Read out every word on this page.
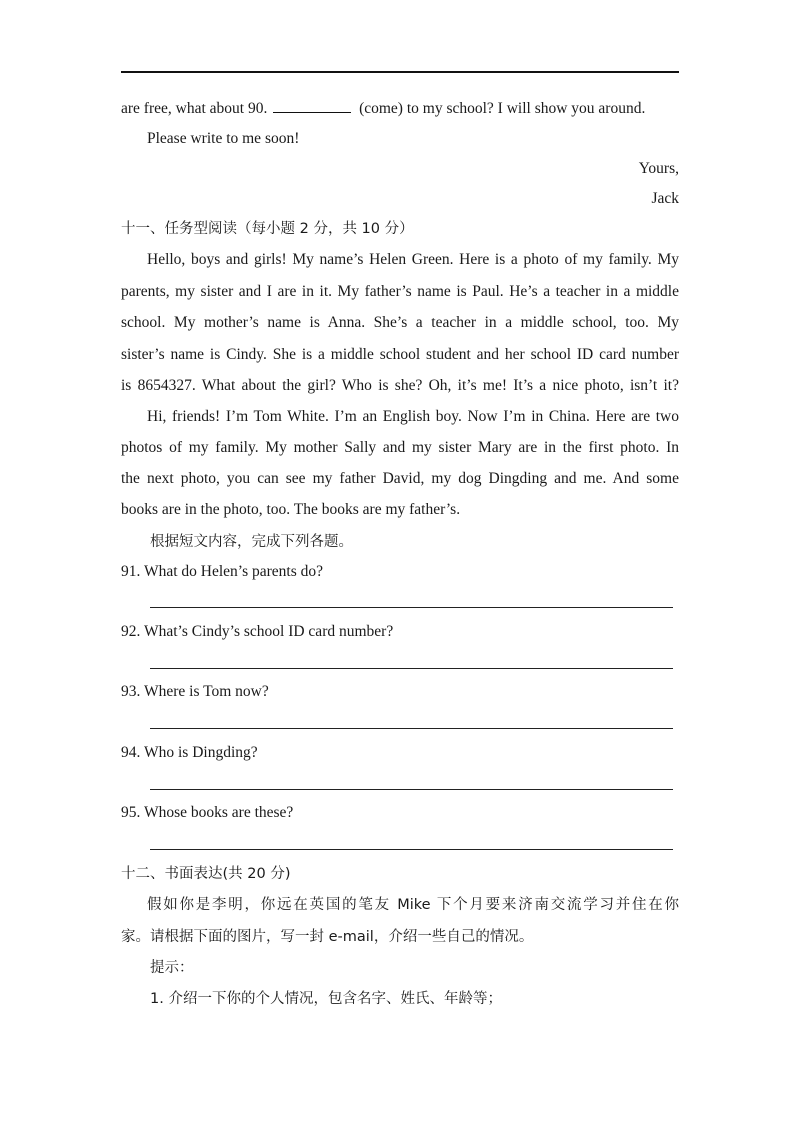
are free, what about 90.	(come) to my school? I will show you around.
Please write to me soon!
Yours,
Jack
十一、任务型阅读（每小题 2 分，共 10 分）
Hello, boys and girls! My name’s Helen Green. Here is a photo of my family. My
parents, my sister and I are in it. My father’s name is Paul. He’s a teacher in a middle
school. My mother’s name is Anna. She’s a teacher in a middle school, too. My
sister’s name is Cindy. She is a middle school student and her school ID card number
is 8654327. What about the girl? Who is she? Oh, it’s me! It’s a nice photo, isn’t it?
Hi, friends! I’m Tom White. I’m an English boy. Now I’m in China. Here are two
photos of my family. My mother Sally and my sister Mary are in the first photo. In
the next photo, you can see my father David, my dog Dingding and me. And some
books are in the photo, too. The books are my father’s.
根据短文内容，完成下列各题。
91. What do Helen’s parents do?
92. What’s Cindy’s school ID card number?
93. Where is Tom now?
94. Who is Dingding?
95. Whose books are these?
十二、书面表达(共 20 分)
假如你是李明，你远在英国的笔友 Mike 下个月要来济南交流学习并住在你
家。请根据下面的图片，写一封 e-mail，介绍一些自己的情况。
提示：
1. 介绍一下你的个人情况，包含名字、姓氏、年龄等；
